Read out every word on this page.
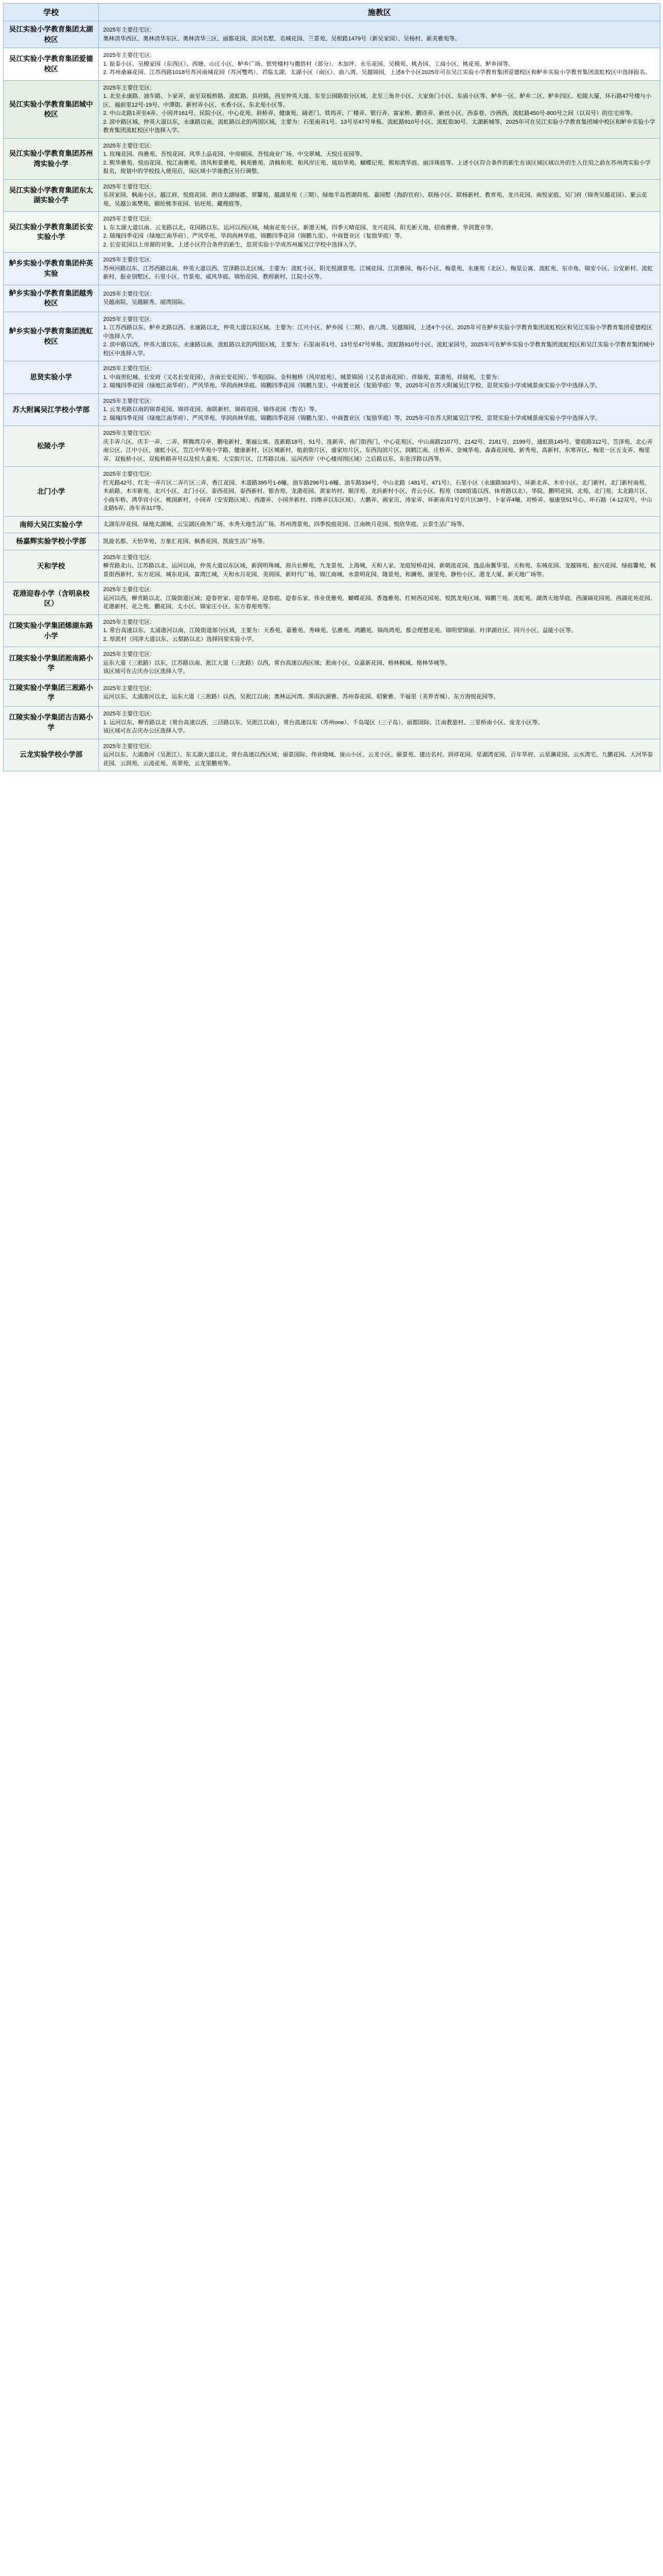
学校	施教区
吴江实验小学教育集团太湖校区	2025年主要住宅区:
奥林清华西区、奥林清华东区、奥林清华三区、丽都花园、滨河名墅、名城花园、兰景苑、吴根路1479号（新吴家园）、吴杨村、新美雅苑等。

吴江实验小学教育集团爱德校区	2025年主要住宅区:
1. 振泰小区、吴模家园（东西区）、西塘、山庄小区、鲈乡广场、银兜楼村与撒搭村（部分）、木加坪、永乐花园、吴模苑、桃杏园、工商小区、桃花苑、鲈乡园等。
2. 苏州桑麻花园、江苏西路1018号苏河南城花园（苏河雙鸣）、君临太湖、太湖小区（南区）、曲八湾、吴越锦园，上述6个小区2025年可在吴江实验小学教育集团爱德校区和鲈乡实验小学教育集团流虹校区中选择报名。

吴江实验小学教育集团城中校区	2025年主要住宅区:
1. 北至永康路、油车路、卜家弄，南至双板桥路、流虹路、县府路，西至仲英大道、东至公园路街分区域、北至三角井小区、大家鱼门小区、东庙小区等、鲈乡一区、鲈乡二区、鲈乡四区、松陵大厦、环石路47号楼与小区、福前里12号-19号、中潭街、新村弄小区、水香小区、东北苑小区等。
2. 中山北路1弄至4弄、小园并161号、民院小区、中心花苑、斜桥弄、健康苑、阔老门、铁坞弄、厂楼弄、银行弄、富家桥、鹏诗弄、新丝小区、西泰巷、沙洲西、流虹路450号-800号之间（以双号）的住宅房等。
2. 滨中路区域，仲英大道以东，永康路以南，流虹路以北的两国区域，主要为：石里南弄1号、13号至47号单栋、流虹路910号小区、流虹街30号、太湖新城等，2025年可在吴江实验小学教育集团城中校区和鲈乡实验小学教育集团流虹校区中选择入学。

吴江实验小学教育集团苏州湾实验小学	2025年主要住宅区:
1. 玫瑰花园、尚雅苑、吾悦花园、风华上品花园、中房颐园、吾悦商业广场、中交翠城、天悦庄花园等。
2. 熙华雅苑、悦而花园、悦江南雅苑、清风和景雅苑、枫苑雅苑、清枫和苑、和风岸庄苑、琉珀华苑、蝴蝶记苑、熙和湾华庭、丽洋珠庭等。上述小区符合条件的新生在该区域区域以外的生入住用之前在苏州湾实验小学报名，规划中的学校投入使用后，该区域小学施教区另行调整。

吴江实验小学教育集团东太湖实验小学	2025年主要住宅区:
乐居家园、枫南小区、越江府、悦庭花园、朗诗太湖绿郡、翠馨苑、越湖星苑（三期）、绿地半岛碧湖荷苑、嘉园墅（海韵官府）、联杨小区、联杨新村、教育苑、龙兴花园、南悦家庭、吴门府（锦秀吴越花园）、紫云花苑、吴越公寓樊苑、颐纶桃李花园、钻坯苑、藏理庭等。

吴江实验小学教育集团长安实验小学	2025年主要住宅区:
1. 东太湖大道以南、云龙路以北，花园路以东、运河以西区域，城南花苑小区、新港天城、四季天晴花园、龙兴花园、阳光新天地、招商雅雅、华润置业等。
2. 瑞瑰四季花园（绿地江南华府）、严风华苑、华润尚林华庭、锦鹏四季花园（锦鹏九里）、中商置业区（复励华庭）等。
2. 长安花园以上房源的对象，上述小区符合条件的新生，思贤实验小学或苏州属吴江学校中选择入学。

鲈乡实验小学教育集团仲英实验	2025年主要住宅区:
苏州河路以东、江苏西路以南、仲英大道以西、笠泽路以北区域。主要为：流虹小区、阳光悦湖景苑、江城花园、江滨雅园、梅石小区、梅景苑、永康苑（北区）、梅里公寓、流虹苑、东市角、锦安小区、公安新村、流虹新村、振业别墅区、石里小区、竹景苑、威风华庭、锦怡花园、教师新村、江院小区等。

鲈乡实验小学教育集团越秀校区	2025年主要住宅区:
吴越南院、吴越颐秀、丽湾国际。

鲈乡实验小学教育集团流虹校区	2025年主要住宅区:
1. 江苏西路以东、鲈乡北路以西、永康路以北，仲英大道以东区域。主要为：江兴小区、鲈乡园（二期）、曲八湾、吴越锦园，上述4个小区、2025年可在鲈乡实验小学教育集团流虹校区和吴江实验小学教育集团爱德校区中选择入学。
2. 滨中路以西，仲英大道以东、永康路以南，流虹路以北的两国区域，主要为：石里南弄1号、13号至47号单栋、流虹路910号小区、流虹家园号，2025年可在鲈乡实验小学教育集团流虹校区和吴江实验小学教育集团城中校区中选择入学。

思贤实验小学	2025年主要住宅区:
1. 中商世纪城、长安府（又名长安花园），含南长安花园）、华苑国际、金科翘桥（风岸庭苑）、城景锦园（又名景南花园）、祥瑞苑、富港苑、祥瑞苑。主要为：
2. 瑞瑰四季花园（绿地江南华府）、严风华苑、华润尚林华庭、锦鹏四季花园（锦鹏九里）、中商置业区（复励华庭）等，2025年可在苏大附属吴江学校、思贤实验小学或城景南实验小学中选择入学。

苏大附属吴江学校小学部	2025年主要住宅区:
1. 云龙苑路以南的锦春花园、锦祥花园、南联新村、锦荷花园、锦伟花园（暂名）等。
2. 瑞瑰四季花园（绿地江南华府）、严风华苑、华润尚林华庭、锦鹏四季花园（锦鹏九里）、中商置业区（复励华庭）等，2025年可在苏大附属吴江学校、思贤实验小学或城景南实验小学中选择入学。

松陵小学	2025年主要住宅区:
庆丰弄六区、庆丰一弄、二弄、辉腾湾月亭、鹏电新村、栗福公寓、连新路18号、51号、连新弄、南门街西门、中心花苑区、中山南路2107号、2142号、2181号、2199号、通虹路145号、要庭路312号、笠泽苑、北心弄南公区、江中小区、康虹小区、笠江中华苑小学路、健康新村、区区城新村、航前街片区、盛家坊片区、东西沟滨片区、润鹤江南、庄桥弄、金城华苑、森森花园苑、新秀苑、高新村、东寒弄区、梅里一区五支弄、梅里弄、双板桥小区、双板桥路弄号以及恒大嘉苑、大宝街片区、江苏路以南、运河西岸（中心楼周围区域）之后路以东、东张洋路以西等。

北门小学	2025年主要住宅区:
红光路42号、红光一弄片区二弄片区三弄、香江花园、木道路395号1-6幢、油车路296号1-6幢、油车路334号、中山北路（481号、471号）、石里小区（永康路303号）、环新北弄、木市小区、北门新村、北门新村南苑、木前路、木市新苑、北兴小区、北门小区、泰西花园、泰西新村、银杏苑、龙港花园、黄家坊村、顺洋苑、龙浜新村小区、青云小区、程苑（528馆道以西、体育路以北）、华院、鹏明花园、北苑、北门苑、太北路片区、小商车桥、鸿华宫小区、桃国新村、小园弄（安安路区域）、西港弄、小园并新村、四维弄以东区域）、大鹏弄、画家页、涛家弄、环新南弄1号至片区38号、卜家弄4幢、对桥弄、福康里51号心、坏石路（4-12双号、中山北路5弄、涛车弄317等。

南师大吴江实验小学	太湖东岸花园、绿地太湖城、云宝湖区商务广场、水秀天地生活广场、苏州湾景苑、四季悦庭花园、江南映月花园、悦欣华庭、云景生活广场等。

杨嘉辉实验学校小学部	凯旋名都、天怡华苑、万象汇花园、枫香花园、凯旋生活广场等。

天和学校	2025年主要住宅区:
柳青路北山、江苏路以北、运河以南，仲英大道以东区域，新润明珠城、海兵长柳苑、九龙景苑、上海城、天和人家、龙庭短桥花园、新朝流花园、逸品南翼华里、天和苑、东城花园、龙越锦苑、振兴花园、绿庭馨苑、枫景街西新村、东方花园、城东花园、富湾江城、天和水月花园、美润园、新时代广场、锦江商城、水景明花园、隆景苑、和澜苑、康里苑、静怡小区、港龙大厦、新天地广场等。

花港迎春小学（含明泉校区）	2025年主要住宅区:
运河以西，柳青路以北、江陵街道区域；迎春世家、迎春华苑、迎春庭、迎春乐家、伟业优雅苑、蝴蝶花园、香逸雅苑、红树西花园苑、悦凯龙苑区域、锦鹏兰苑、流虹苑、湖湾天地华庭、西蒲阔花园苑、西湖花苑花园、花港新村、花之苑、鹏花园、太小区、锦家庄小区、东方春苑苑等。

江陵实验小学集团烯湖东路小学	2025年主要住宅区:
1. 常台高速以东、太浦港河以南，江陵街道部分区域，主要为：天香苑、嘉雅苑、秀峰苑、弘雅苑、鸿鹏苑、锦尚鸿苑、都会理想花苑、锦明堂锦丽、叶津湖社区、同兴小区、益能小区等。
2. 厚派村（同津大道以东、云梨路以北）选择同里实验小学。

江陵实验小学集团淞南路小学	2025年主要住宅区:
运东大道（三淞路）以东，江苏路以南、淞江大道（三淞路）以西，常台高速以西区域；淞南小区、众嘉新花园、格林枫城、格林华城等。
该区域可在吉庆办公区选择入学。

江陵实验小学集团三淞路小学	2025年主要住宅区:
运河以东、太浦港河以北，运东大道（三淞路）以西，吴淞江以南；奥林运河湾、霁雨浜源雅、苏州春花园、昭紫雅、半福里（美界青城）、东方海悦花园等。

江陵实验小学集团古吉路小学	2025年主要住宅区:
1. 运河以东、柳青路以北（常台高速以西、三泾路以东、吴淞江以南），常台高速以东（苏州one）、千岛堤区（三子岛）、丽都国际、江南教旅村、三里桥南小区、庞龙小区等。
该区域可在吉庆办公区选择入学。

云龙实验学校小学部	2025年主要住宅区:
运河以东、大浦港河（吴淞江）、东太湖大道以北、常台高速以西区域；丽景国际、伟业晓城、庞山小区、云龙小区、颐景苑、建达名村、润祥花园、星湖湾花园、百年华府、云星澜花园、云水湾宅、九鹏花园、大河华泰花园、云润苑、云凌花苑、英翠苑、云龙里鹏苑等。
